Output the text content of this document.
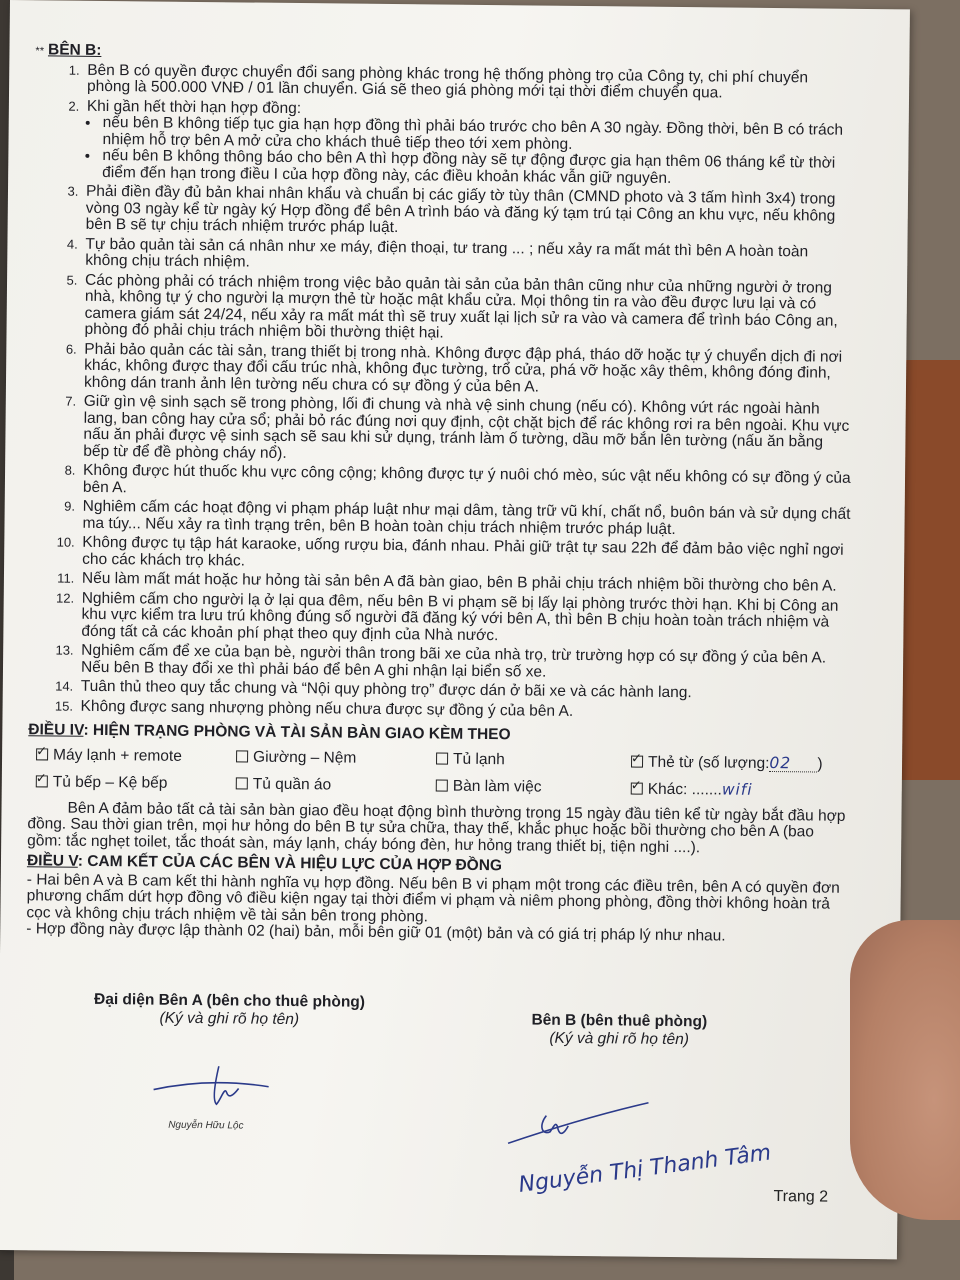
** BÊN B:
1. Bên B có quyền được chuyển đổi sang phòng khác trong hệ thống phòng trọ của Công ty, chi phí chuyển phòng là 500.000 VNĐ / 01 lần chuyển. Giá sẽ theo giá phòng mới tại thời điểm chuyển qua.
2. Khi gần hết thời hạn hợp đồng:
• nếu bên B không tiếp tục gia hạn hợp đồng thì phải báo trước cho bên A 30 ngày. Đồng thời, bên B có trách nhiệm hỗ trợ bên A mở cửa cho khách thuê tiếp theo tới xem phòng.
• nếu bên B không thông báo cho bên A thì hợp đồng này sẽ tự động được gia hạn thêm 06 tháng kể từ thời điểm đến hạn trong điều I của hợp đồng này, các điều khoản khác vẫn giữ nguyên.
3. Phải điền đầy đủ bản khai nhân khẩu và chuẩn bị các giấy tờ tùy thân (CMND photo và 3 tấm hình 3x4) trong vòng 03 ngày kể từ ngày ký Hợp đồng để bên A trình báo và đăng ký tạm trú tại Công an khu vực, nếu không bên B sẽ tự chịu trách nhiệm trước pháp luật.
4. Tự bảo quản tài sản cá nhân như xe máy, điện thoại, tư trang ... ; nếu xảy ra mất mát thì bên A hoàn toàn không chịu trách nhiệm.
5. Các phòng phải có trách nhiệm trong việc bảo quản tài sản của bản thân cũng như của những người ở trong nhà, không tự ý cho người lạ mượn thẻ từ hoặc mật khẩu cửa. Mọi thông tin ra vào đều được lưu lại và có camera giám sát 24/24, nếu xảy ra mất mát thì sẽ truy xuất lại lịch sử ra vào và camera để trình báo Công an, phòng đó phải chịu trách nhiệm bồi thường thiệt hại.
6. Phải bảo quản các tài sản, trang thiết bị trong nhà. Không được đập phá, tháo dỡ hoặc tự ý chuyển dịch đi nơi khác, không được thay đổi cấu trúc nhà, không đục tường, trổ cửa, phá vỡ hoặc xây thêm, không đóng đinh, không dán tranh ảnh lên tường nếu chưa có sự đồng ý của bên A.
7. Giữ gìn vệ sinh sạch sẽ trong phòng, lối đi chung và nhà vệ sinh chung (nếu có). Không vứt rác ngoài hành lang, ban công hay cửa sổ; phải bỏ rác đúng nơi quy định, cột chặt bịch để rác không rơi ra bên ngoài. Khu vực nấu ăn phải được vệ sinh sạch sẽ sau khi sử dụng, tránh làm ố tường, dầu mỡ bắn lên tường (nấu ăn bằng bếp từ để đề phòng cháy nổ).
8. Không được hút thuốc khu vực công cộng; không được tự ý nuôi chó mèo, súc vật nếu không có sự đồng ý của bên A.
9. Nghiêm cấm các hoạt động vi phạm pháp luật như mại dâm, tàng trữ vũ khí, chất nổ, buôn bán và sử dụng chất ma túy... Nếu xảy ra tình trạng trên, bên B hoàn toàn chịu trách nhiệm trước pháp luật.
10. Không được tụ tập hát karaoke, uống rượu bia, đánh nhau. Phải giữ trật tự sau 22h để đảm bảo việc nghỉ ngơi cho các khách trọ khác.
11. Nếu làm mất mát hoặc hư hỏng tài sản bên A đã bàn giao, bên B phải chịu trách nhiệm bồi thường cho bên A.
12. Nghiêm cấm cho người lạ ở lại qua đêm, nếu bên B vi phạm sẽ bị lấy lại phòng trước thời hạn. Khi bị Công an khu vực kiểm tra lưu trú không đúng số người đã đăng ký với bên A, thì bên B chịu hoàn toàn trách nhiệm và đóng tất cả các khoản phí phạt theo quy định của Nhà nước.
13. Nghiêm cấm để xe của bạn bè, người thân trong bãi xe của nhà trọ, trừ trường hợp có sự đồng ý của bên A. Nếu bên B thay đổi xe thì phải báo để bên A ghi nhận lại biển số xe.
14. Tuân thủ theo quy tắc chung và “Nội quy phòng trọ” được dán ở bãi xe và các hành lang.
15. Không được sang nhượng phòng nếu chưa được sự đồng ý của bên A.
ĐIỀU IV: HIỆN TRẠNG PHÒNG VÀ TÀI SẢN BÀN GIAO KÈM THEO
✓Máy lạnh + remote	Giường – Nệm	Tủ lạnh ✓	Thẻ từ (số lượng:02 )
✓Tủ bếp – Kệ bếp	Tủ quần áo	Bàn làm việc ✓	Khác: .......wifi

Bên A đảm bảo tất cả tài sản bàn giao đều hoạt động bình thường trong 15 ngày đầu tiên kể từ ngày bắt đầu hợp đồng. Sau thời gian trên, mọi hư hỏng do bên B tự sửa chữa, thay thế, khắc phục hoặc bồi thường cho bên A (bao gồm: tắc nghẹt toilet, tắc thoát sàn, máy lạnh, cháy bóng đèn, hư hỏng trang thiết bị, tiện nghi ....).

ĐIỀU V: CAM KẾT CỦA CÁC BÊN VÀ HIỆU LỰC CỦA HỢP ĐỒNG

- Hai bên A và B cam kết thi hành nghĩa vụ hợp đồng. Nếu bên B vi phạm một trong các điều trên, bên A có quyền đơn phương chấm dứt hợp đồng vô điều kiện ngay tại thời điểm vi phạm và niêm phong phòng, đồng thời không hoàn trả cọc và không chịu trách nhiệm về tài sản bên trong phòng.

- Hợp đồng này được lập thành 02 (hai) bản, mỗi bên giữ 01 (một) bản và có giá trị pháp lý như nhau.

Đại diện Bên A (bên cho thuê phòng)
(Ký và ghi rõ họ tên)
Nguyễn Hữu Lộc
Bên B (bên thuê phòng)
(Ký và ghi rõ họ tên)
Nguyễn Thị Thanh Tâm Trang 2
